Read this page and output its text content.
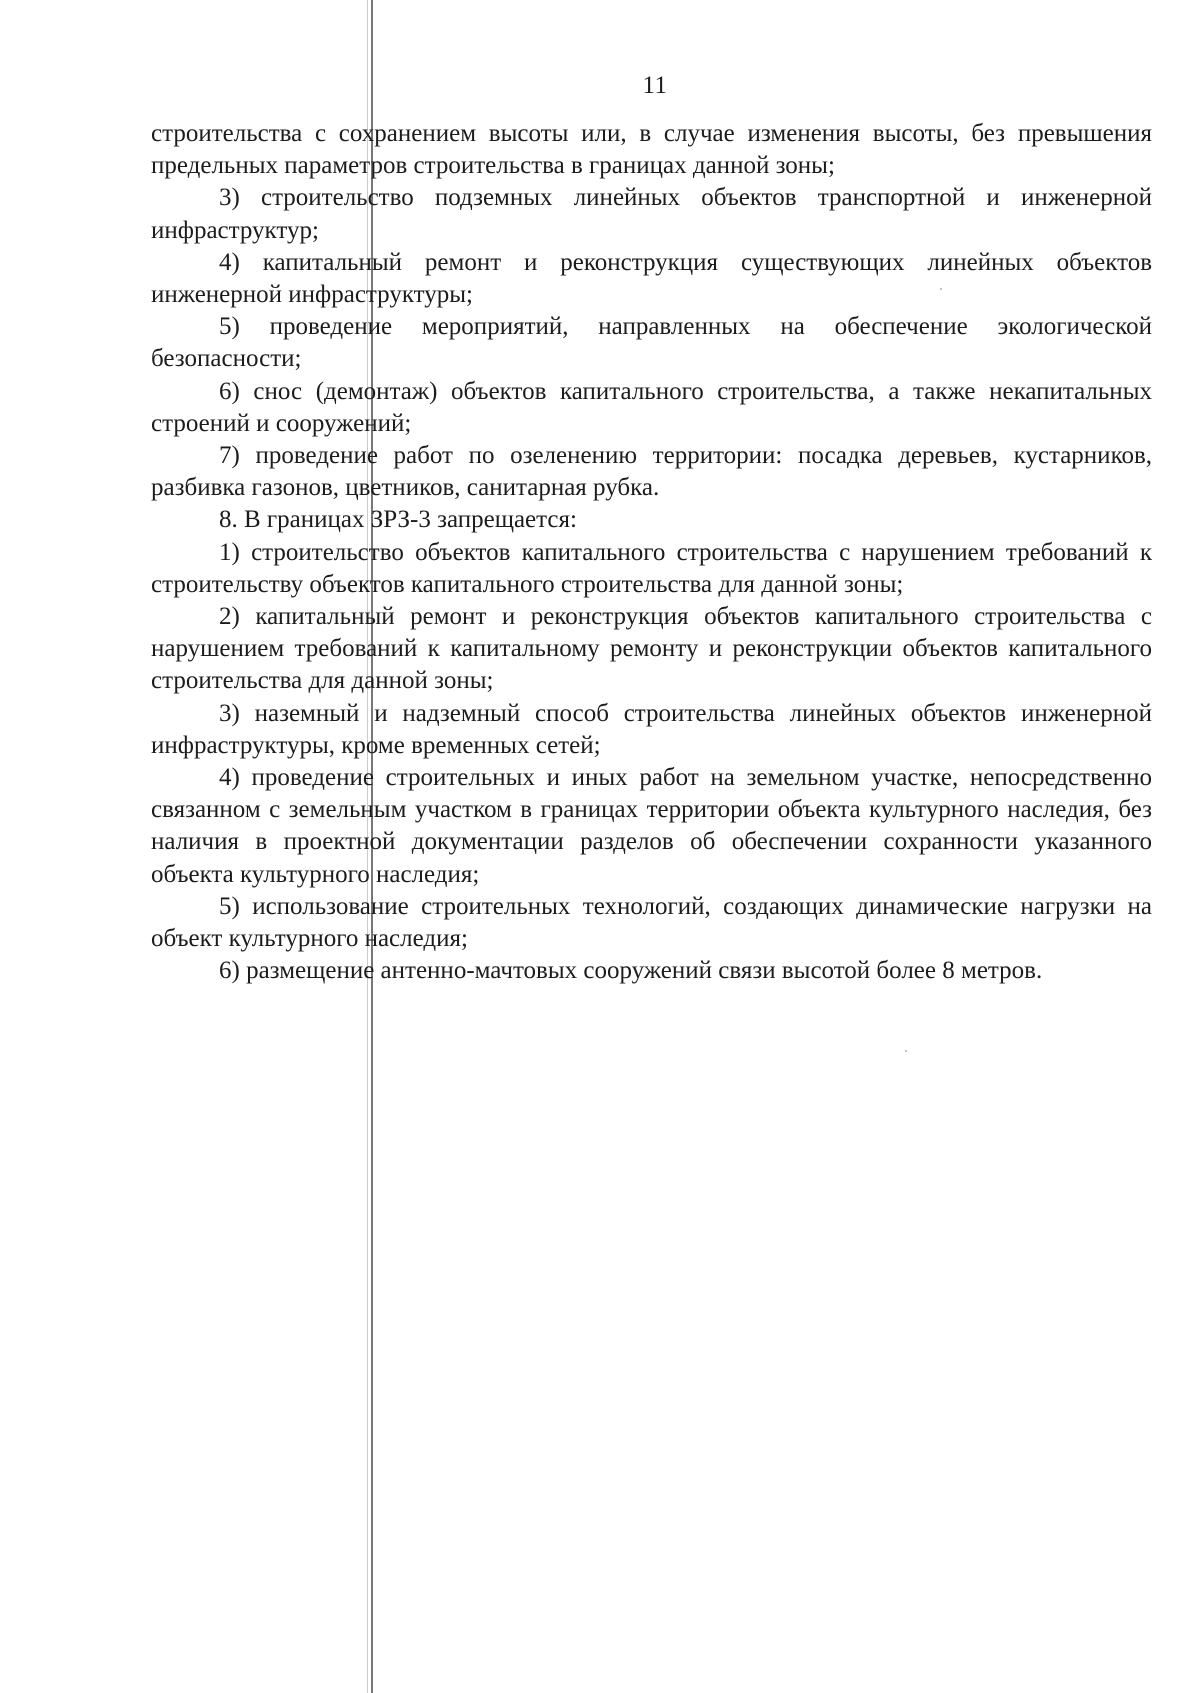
11

строительства с сохранением высоты или, в случае изменения высоты, без превышения предельных параметров строительства в границах данной зоны;

3) строительство подземных линейных объектов транспортной и инженерной инфраструктур;

4) капитальный ремонт и реконструкция существующих линейных объектов инженерной инфраструктуры;

5) проведение мероприятий, направленных на обеспечение экологической безопасности;

6) снос (демонтаж) объектов капитального строительства, а также некапитальных строений и сооружений;

7) проведение работ по озеленению территории: посадка деревьев, кустарников, разбивка газонов, цветников, санитарная рубка.

8. В границах ЗРЗ-3 запрещается:

1) строительство объектов капитального строительства с нарушением требований к строительству объектов капитального строительства для данной зоны;

2) капитальный ремонт и реконструкция объектов капитального строительства с нарушением требований к капитальному ремонту и реконструкции объектов капитального строительства для данной зоны;

3) наземный и надземный способ строительства линейных объектов инженерной инфраструктуры, кроме временных сетей;

4) проведение строительных и иных работ на земельном участке, непосредственно связанном с земельным участком в границах территории объекта культурного наследия, без наличия в проектной документации разделов об обеспечении сохранности указанного объекта культурного наследия;

5) использование строительных технологий, создающих динамические нагрузки на объект культурного наследия;

6) размещение антенно-мачтовых сооружений связи высотой более 8 метров.
